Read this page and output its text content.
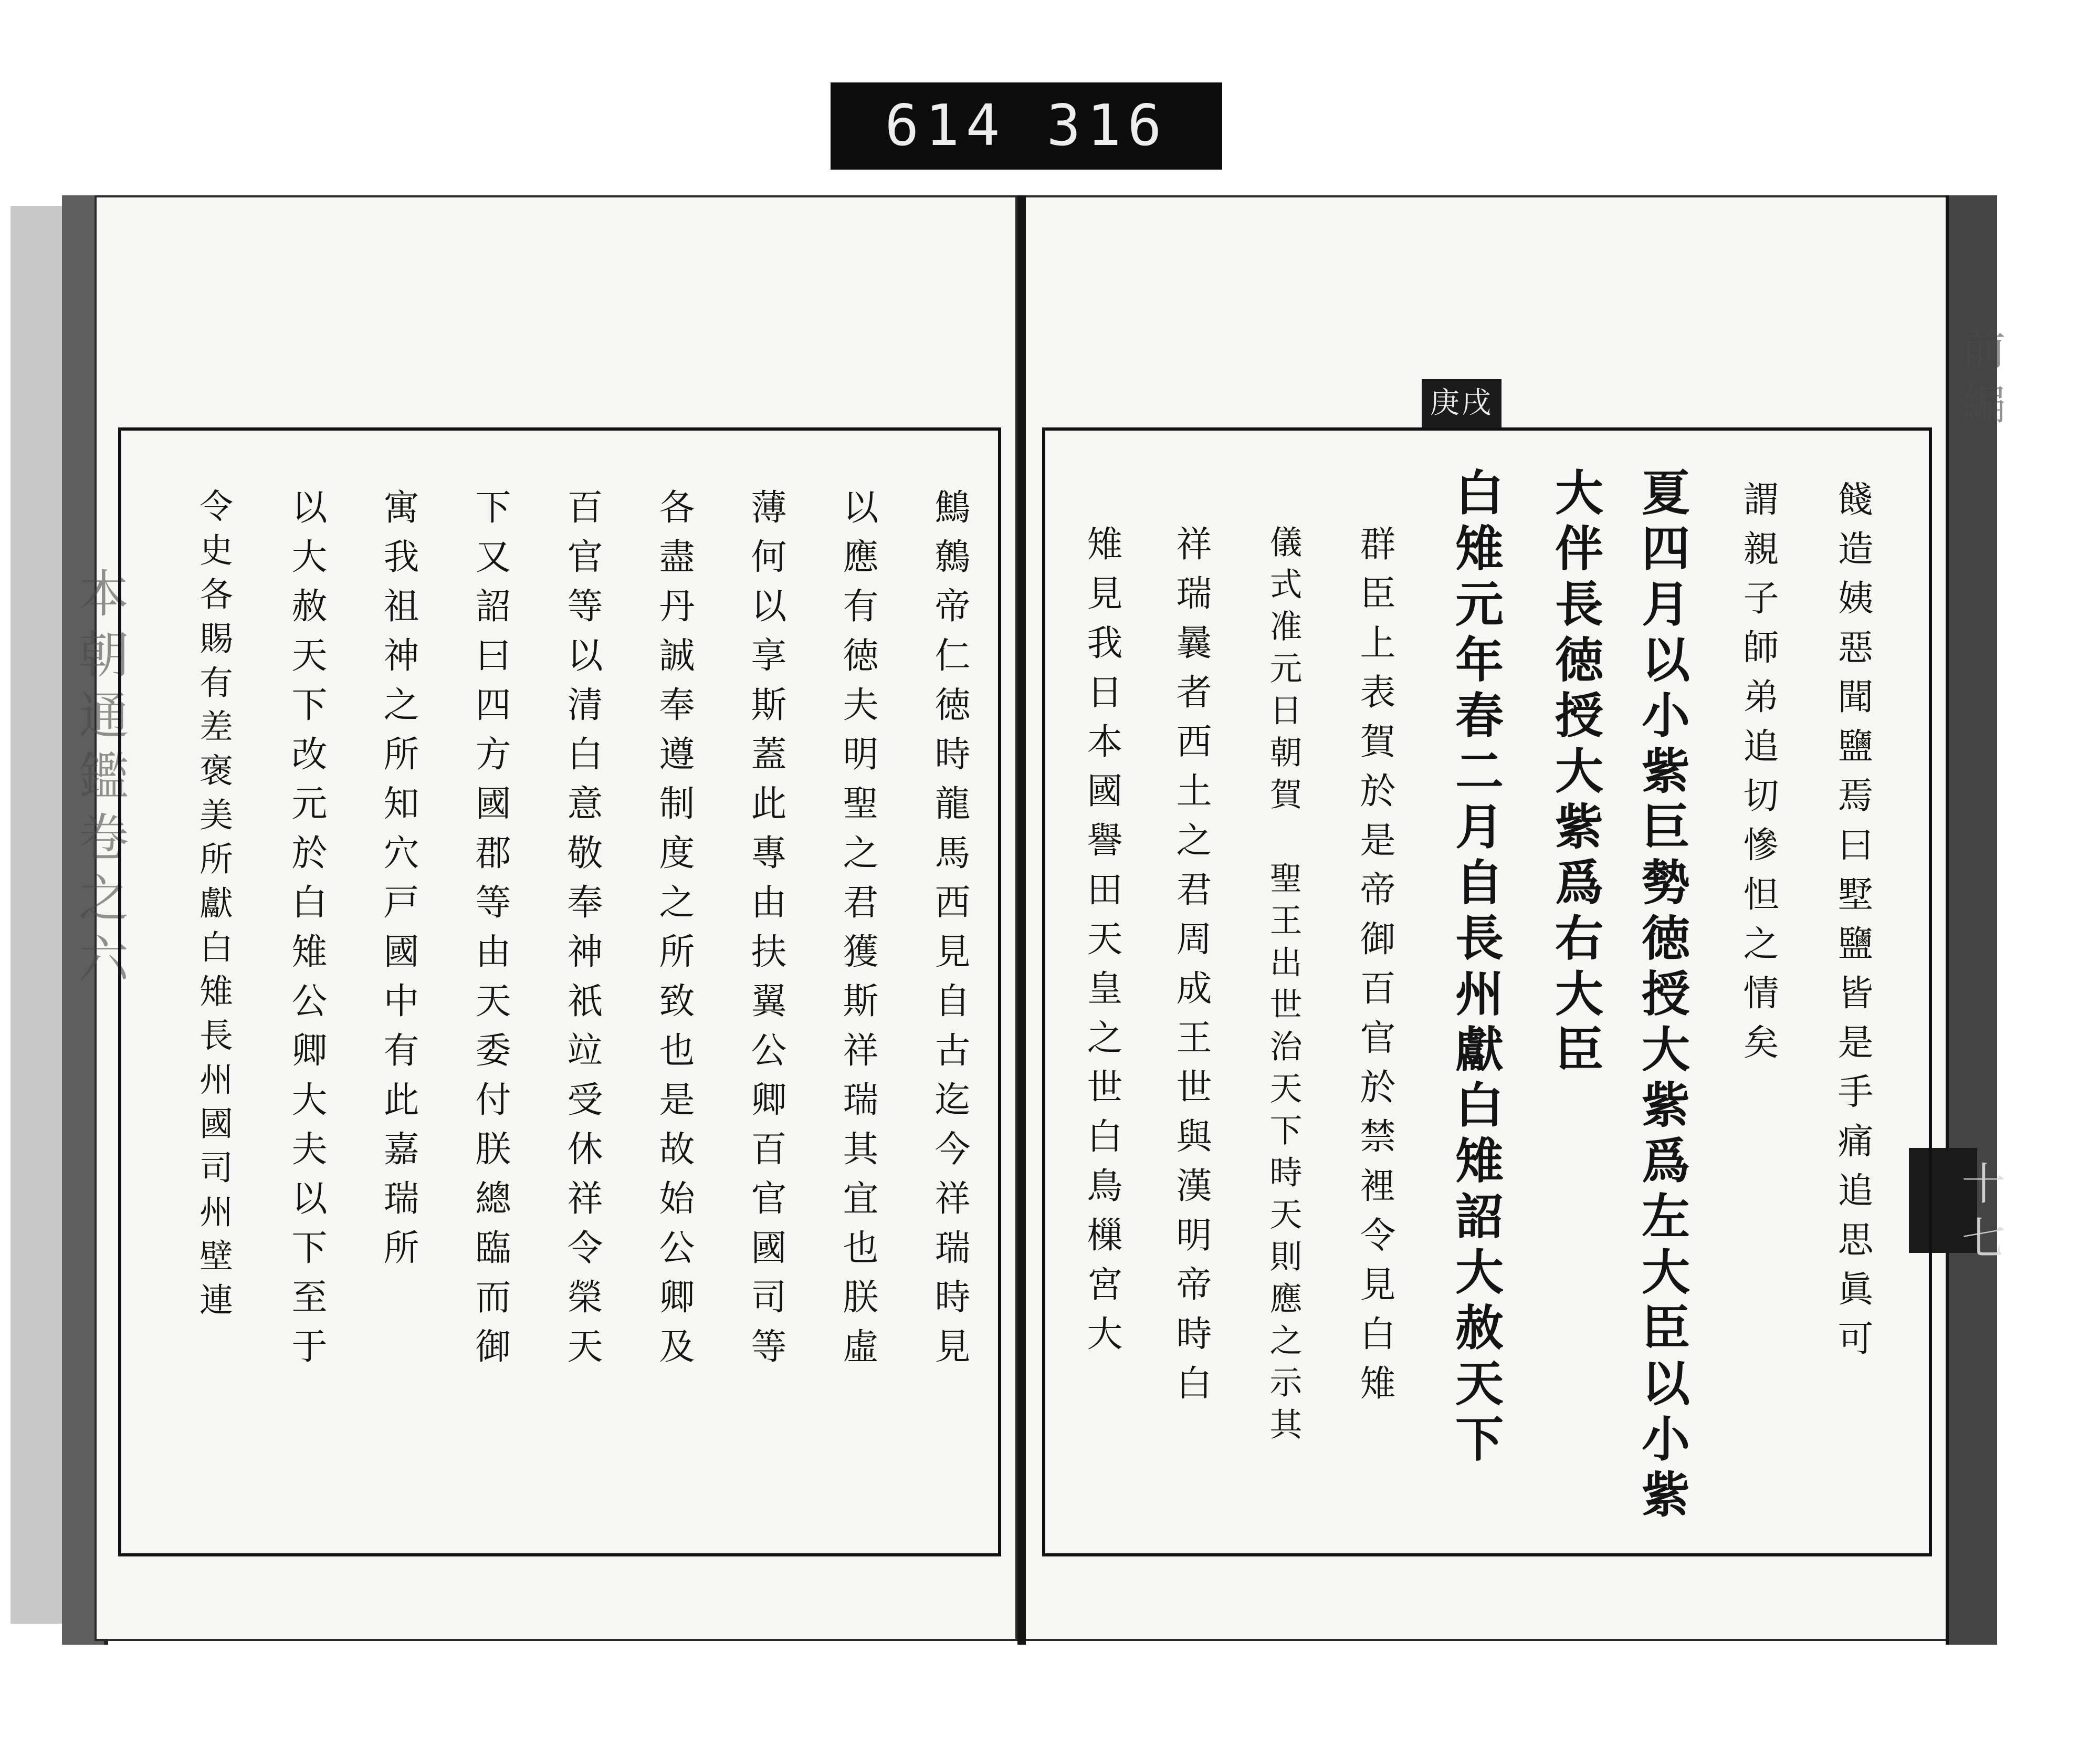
614 316
本朝通鑑卷之六
前編
十七
庚戌
餞造姨惡聞鹽焉曰墅鹽皆是手痛追思眞可
謂親子師弟追切慘怛之情矣
夏四月以小紫巨勢徳授大紫爲左大臣以小紫
大伴長徳授大紫爲右大臣
白雉元年春二月自長州獻白雉詔大赦天下
群臣上表賀於是帝御百官於禁裡令見白雉
儀式准元日朝賀　聖王出世治天下時天則應之示其
祥瑞曩者西土之君周成王世與漢明帝時白
雉見我日本國譽田天皇之世白鳥樔宮大
鷦鷯帝仁徳時龍馬西見自古迄今祥瑞時見
以應有徳夫明聖之君獲斯祥瑞其宜也朕虛
薄何以享斯蓋此專由扶翼公卿百官國司等
各盡丹誠奉遵制度之所致也是故始公卿及
百官等以清白意敬奉神祇竝受休祥令榮天
下又詔曰四方國郡等由天委付朕總臨而御
寓我祖神之所知穴戸國中有此嘉瑞所
以大赦天下改元於白雉公卿大夫以下至于
令史各賜有差褒美所獻白雉長州國司州壁連
